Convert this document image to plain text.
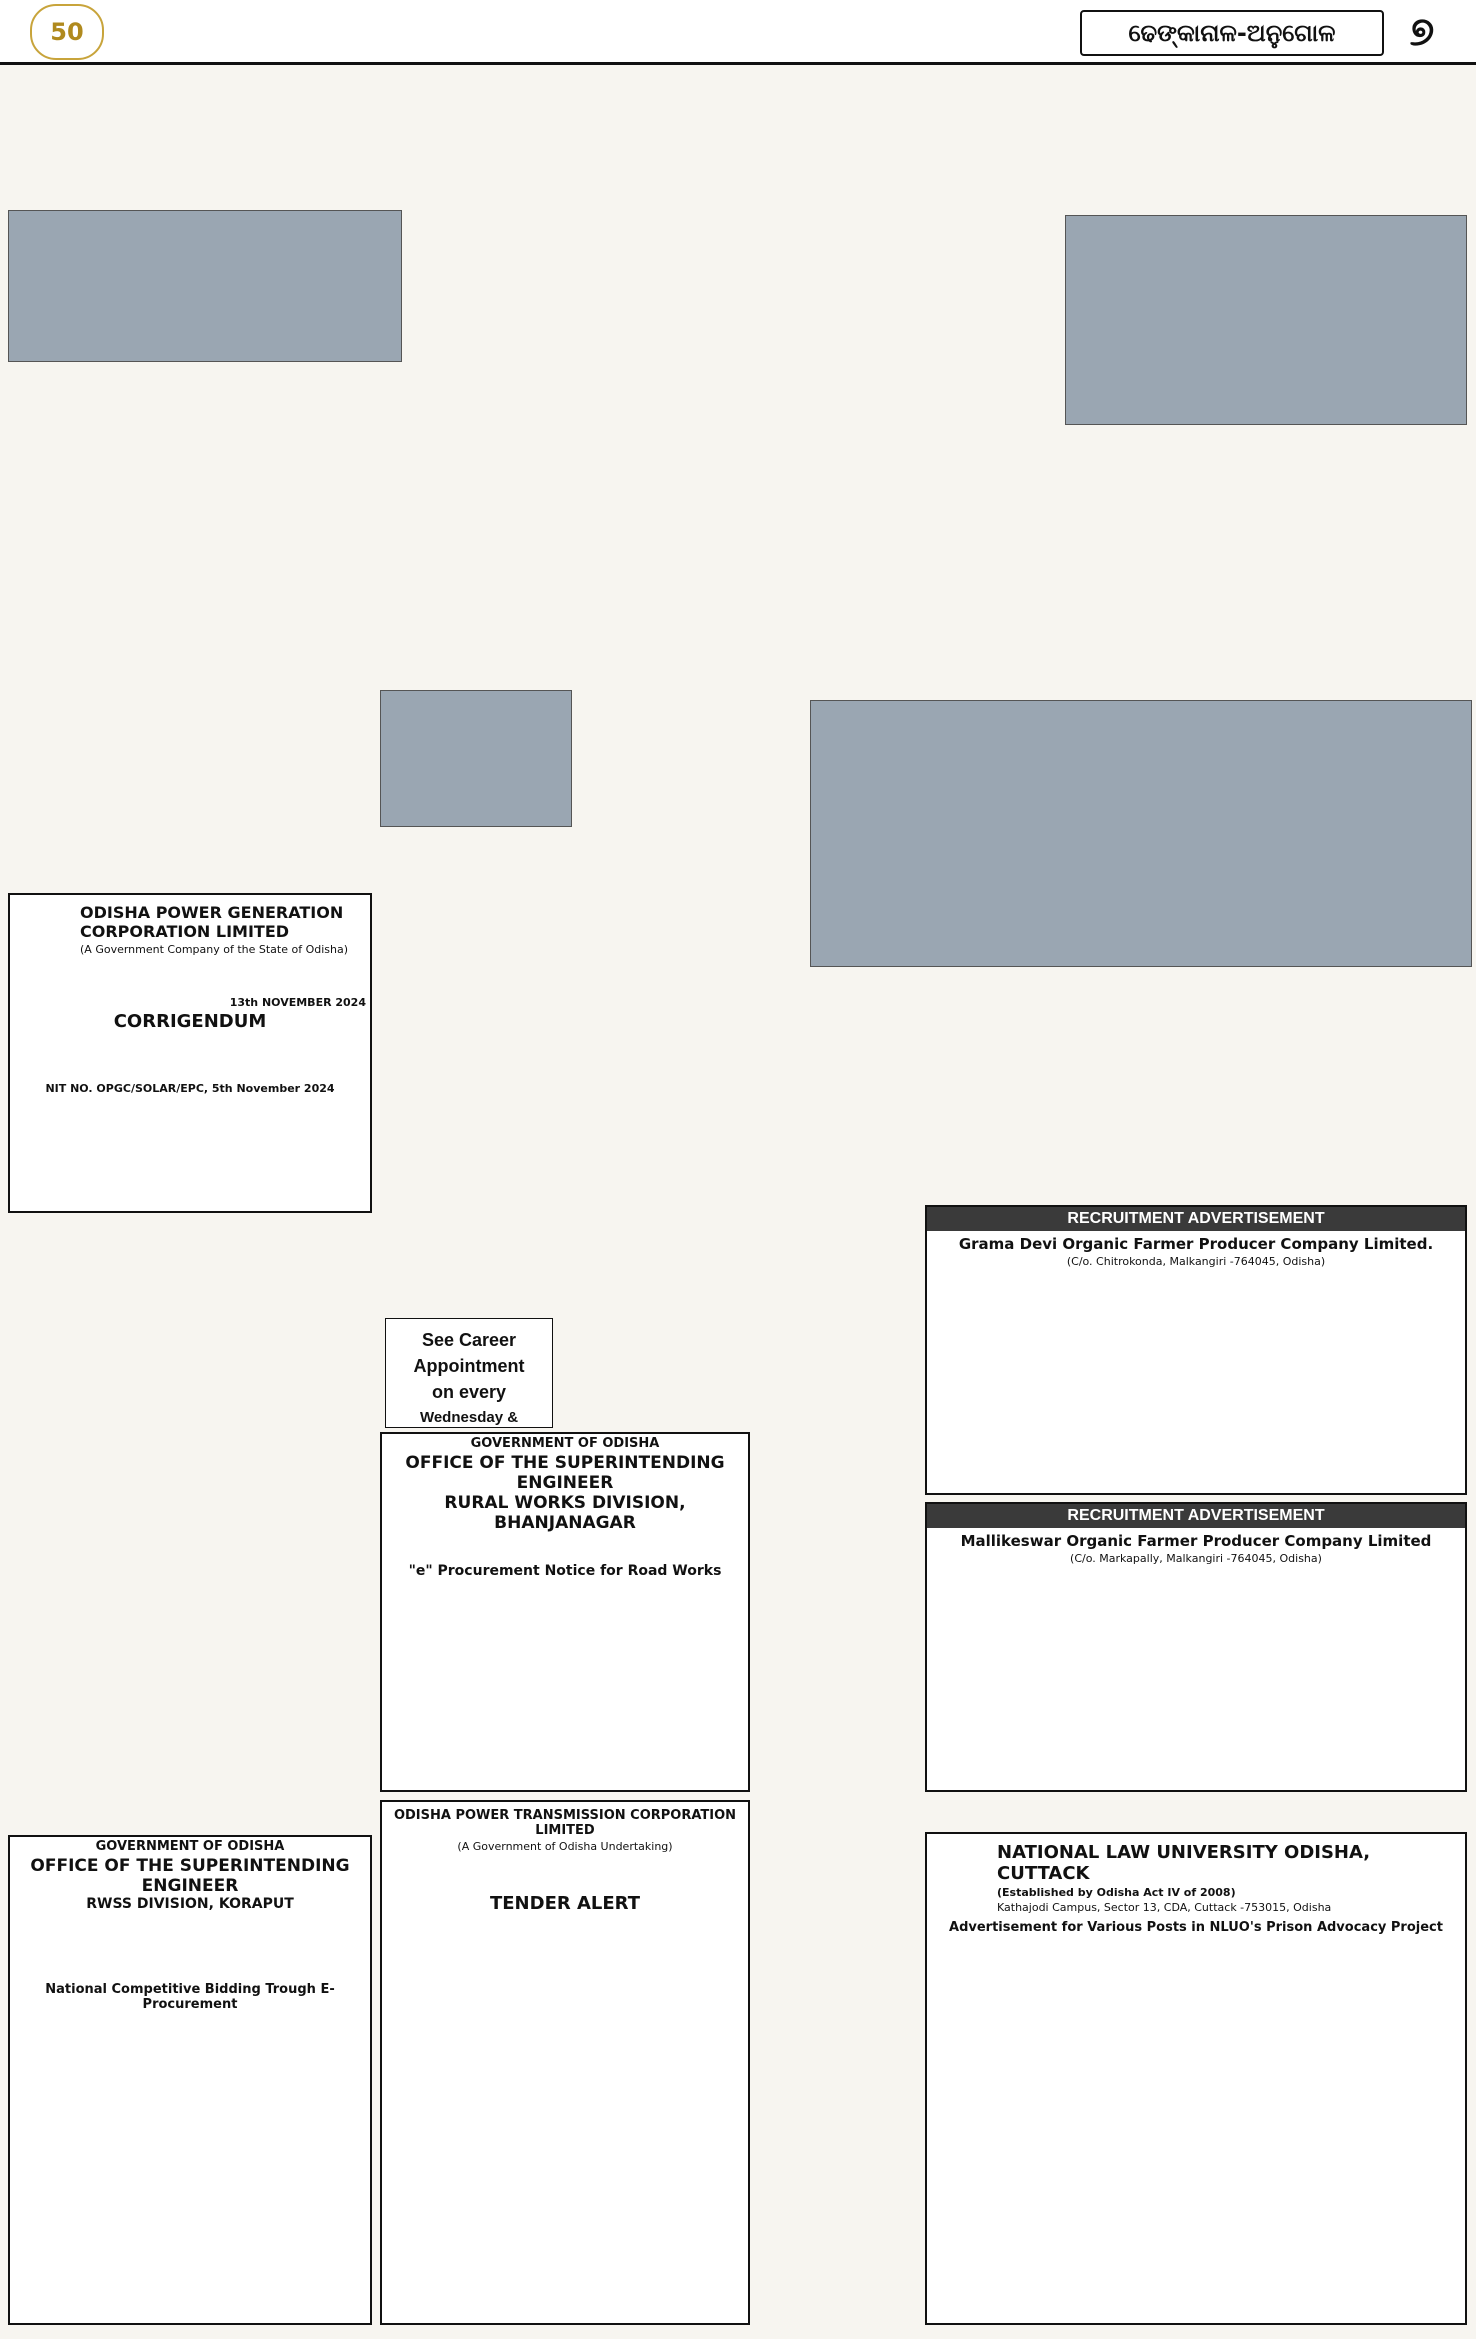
50	ଢେଙ୍କାନାଳ-ଅନୁଗୋଳ	୭
ODISHA POWER GENERATION CORPORATION LIMITED
(A Government Company of the State of Odisha)
13th NOVEMBER 2024
CORRIGENDUM
NIT NO. OPGC/SOLAR/EPC, 5th November 2024
See Career
Appointment
on every
Wednesday &
RECRUITMENT ADVERTISEMENT
Grama Devi Organic Farmer Producer Company Limited.
(C/o. Chitrokonda, Malkangiri -764045, Odisha)
RECRUITMENT ADVERTISEMENT
Mallikeswar Organic Farmer Producer Company Limited
(C/o. Markapally, Malkangiri -764045, Odisha)
GOVERNMENT OF ODISHA
OFFICE OF THE SUPERINTENDING ENGINEER
RURAL WORKS DIVISION, BHANJANAGAR
"e" Procurement Notice for Road Works
ODISHA POWER TRANSMISSION CORPORATION LIMITED
(A Government of Odisha Undertaking)
TENDER ALERT
GOVERNMENT OF ODISHA
OFFICE OF THE SUPERINTENDING ENGINEER
RWSS DIVISION, KORAPUT
National Competitive Bidding Trough E-Procurement
NATIONAL LAW UNIVERSITY ODISHA, CUTTACK
(Established by Odisha Act IV of 2008)
Kathajodi Campus, Sector 13, CDA, Cuttack -753015, Odisha
Advertisement for Various Posts in NLUO's Prison Advocacy Project
